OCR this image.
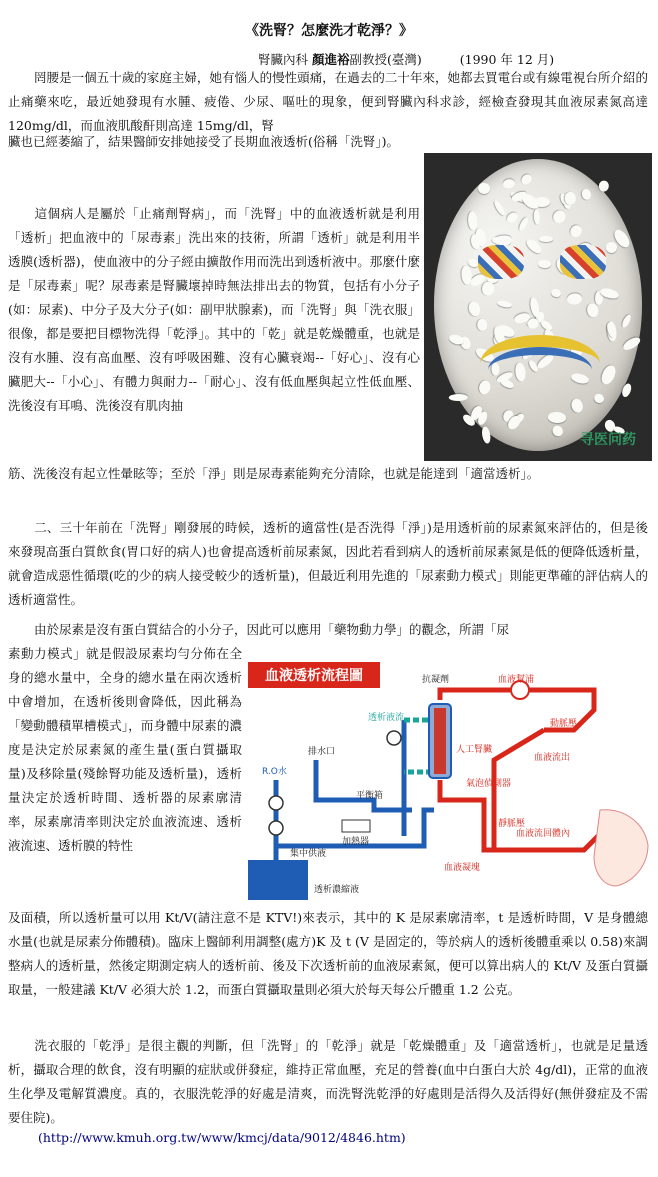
《洗腎？怎麼洗才乾淨？》
腎臟內科 顏進裕副教授(臺灣)	(1990 年 12 月)

罔腰是一個五十歲的家庭主婦，她有惱人的慢性頭痛，在過去的二十年來，她都去買電台或有線電視台所介紹的止痛藥來吃，最近她發現有水腫、疲倦、少尿、嘔吐的現象，便到腎臟內科求診，經檢查發現其血液尿素氮高達 120mg/dl，而血液肌酸酐則高達 15mg/dl，腎

臟也已經萎縮了，結果醫師安排她接受了長期血液透析(俗稱「洗腎」)。

寻医问药

這個病人是屬於「止痛劑腎病」，而「洗腎」中的血液透析就是利用「透析」把血液中的「尿毒素」洗出來的技術，所謂「透析」就是利用半透膜(透析器)，使血液中的分子經由擴散作用而洗出到透析液中。那麼什麼是「尿毒素」呢？尿毒素是腎臟壞掉時無法排出去的物質，包括有小分子(如：尿素)、中分子及大分子(如：副甲狀腺素)，而「洗腎」與「洗衣服」很像，都是要把目標物洗得「乾淨」。其中的「乾」就是乾燥體重，也就是沒有水腫、沒有高血壓、沒有呼吸困難、沒有心臟衰竭--「好心」、沒有心臟肥大--「小心」、有體力與耐力--「耐心」、沒有低血壓與起立性低血壓、洗後沒有耳鳴、洗後沒有肌肉抽

筋、洗後沒有起立性暈眩等；至於「淨」則是尿毒素能夠充分清除，也就是能達到「適當透析」。

二、三十年前在「洗腎」剛發展的時候，透析的適當性(是否洗得「淨」)是用透析前的尿素氮來評估的，但是後來發現高蛋白質飲食(胃口好的病人)也會提高透析前尿素氮，因此若看到病人的透析前尿素氮是低的便降低透析量，就會造成惡性循環(吃的少的病人接受較少的透析量)，但最近利用先進的「尿素動力模式」則能更準確的評估病人的透析適當性。

由於尿素是沒有蛋白質結合的小分子，因此可以應用「藥物動力學」的觀念，所謂「尿

素動力模式」就是假設尿素均勻分佈在全身的總水量中，全身的總水量在兩次透析中會增加，在透析後則會降低，因此稱為「變動體積單槽模式」，而身體中尿素的濃度是決定於尿素氮的產生量(蛋白質攝取量)及移除量(殘餘腎功能及透析量)，透析量決定於透析時間、透析器的尿素廓清率，尿素廓清率則決定於血液流速、透析液流速、透析膜的特性

血液透析流程圖	抗凝劑	血液幫浦
動脈壓
血液流出
血液流回體內
靜脈壓
排水口
R.O水
平衡箱
加熱器
集中供液
透析濃縮液
人工腎臟
透析液流
氣泡偵測器
血液凝塊

及面積，所以透析量可以用 Kt/V(請注意不是 KTV!)來表示，其中的 K 是尿素廓清率，t 是透析時間，V 是身體總水量(也就是尿素分佈體積)。臨床上醫師利用調整(處方)K 及 t (V 是固定的，等於病人的透析後體重乘以 0.58)來調整病人的透析量，然後定期測定病人的透析前、後及下次透析前的血液尿素氮，便可以算出病人的 Kt/V 及蛋白質攝取量，一般建議 Kt/V 必須大於 1.2，而蛋白質攝取量則必須大於每天每公斤體重 1.2 公克。

洗衣服的「乾淨」是很主觀的判斷，但「洗腎」的「乾淨」就是「乾燥體重」及「適當透析」，也就是足量透析，攝取合理的飲食，沒有明顯的症狀或併發症，維持正常血壓，充足的營養(血中白蛋白大於 4g/dl)，正常的血液生化學及電解質濃度。真的，衣服洗乾淨的好處是清爽，而洗腎洗乾淨的好處則是活得久及活得好(無併發症及不需要住院)。

(http://www.kmuh.org.tw/www/kmcj/data/9012/4846.htm)
